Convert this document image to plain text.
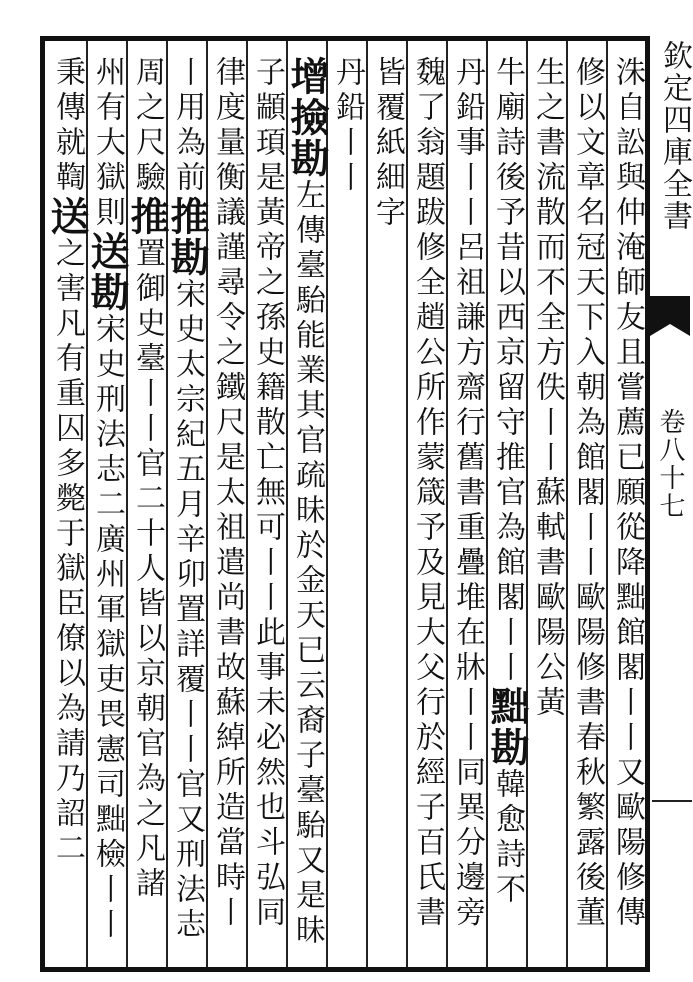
洙自訟與仲淹師友且嘗薦已願從降黜館閣丨丨又歐陽修傳
修以文章名冠天下入朝為館閣丨丨歐陽修書春秋繁露後董
生之書流散而不全方佚丨丨蘇軾書歐陽公黃
牛廟詩後予昔以西京留守推官為館閣丨丨黜勘韓愈詩不
丹鉛事丨丨呂祖謙方齋行舊書重疊堆在牀丨丨同異分邊旁
魏了翁題跋修全趙公所作蒙箴予及見大父行於經子百氏書
皆覆紙細字
丹鉛丨丨
增撿勘左傳臺駘能業其官疏昧於金天已云裔子臺駘又是昧
子顓頊是黃帝之孫史籍散亡無可丨丨此事未必然也斗弘同
律度量衡議謹尋令之鐵尺是太祖遣尚書故蘇綽所造當時丨
丨用為前推勘宋史太宗紀五月辛卯置詳覆丨丨官又刑法志
周之尺驗推置御史臺丨丨官二十人皆以京朝官為之凡諸
州有大獄則送勘宋史刑法志二廣州軍獄吏畏憲司黜檢丨丨
秉傳就鞫送之害凡有重囚多斃于獄臣僚以為請乃詔二
欽定四庫全書
卷八十七
